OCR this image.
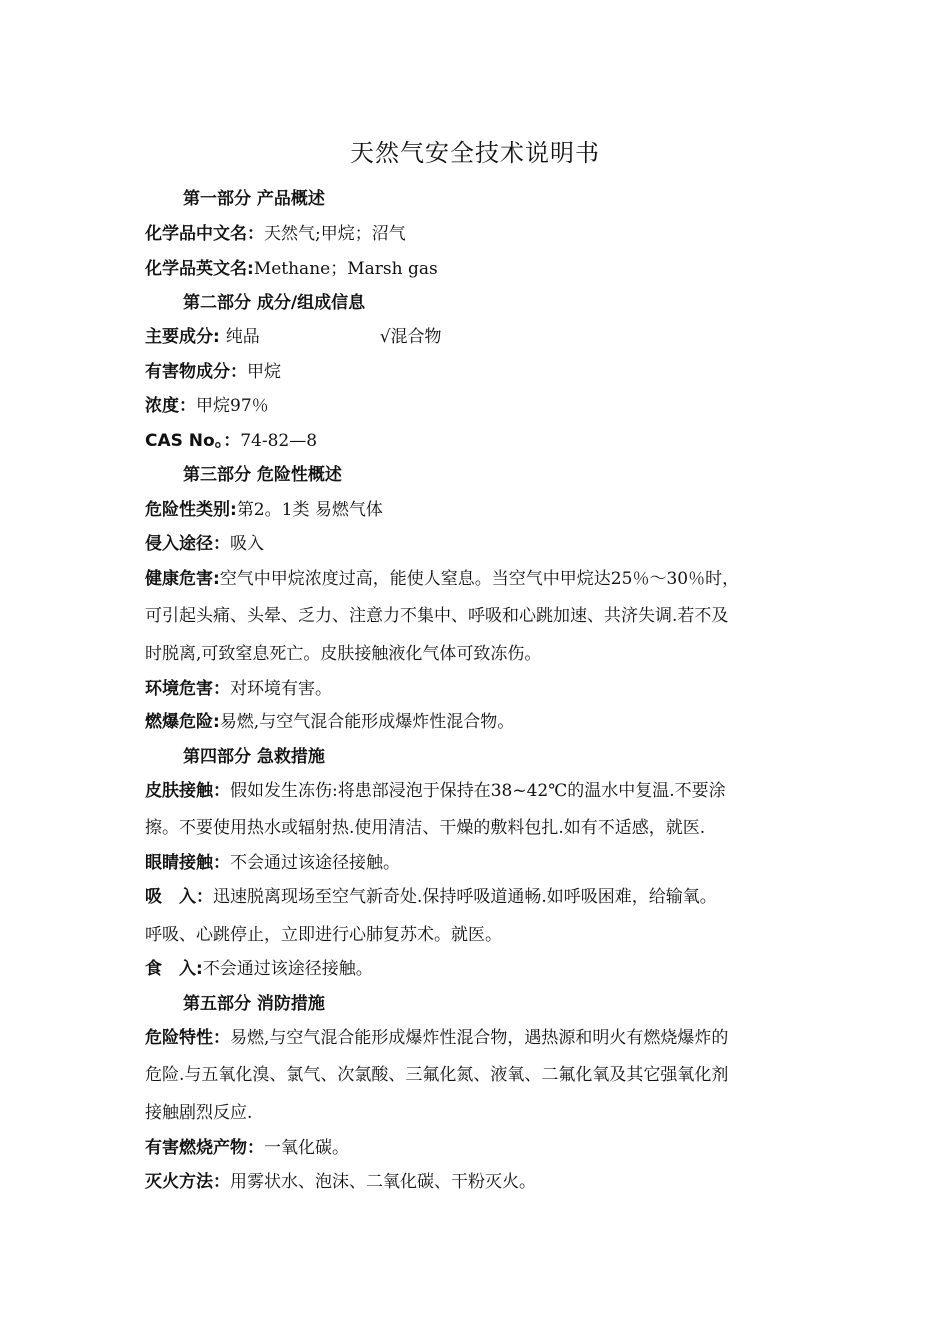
天然气安全技术说明书
第一部分 产品概述
化学品中文名：天然气;甲烷；沼气
化学品英文名:Methane；Marsh gas
第二部分 成分/组成信息
主要成分: 纯品	√混合物
有害物成分：甲烷
浓度：甲烷97％
CAS No。：74-82—8
第三部分 危险性概述
危险性类别:第2。1类 易燃气体
侵入途径：吸入
健康危害:空气中甲烷浓度过高，能使人窒息。当空气中甲烷达25％～30％时，
可引起头痛、头晕、乏力、注意力不集中、呼吸和心跳加速、共济失调.若不及
时脱离,可致窒息死亡。皮肤接触液化气体可致冻伤。
环境危害：对环境有害。
燃爆危险:易燃,与空气混合能形成爆炸性混合物。
第四部分 急救措施
皮肤接触：假如发生冻伤:将患部浸泡于保持在38~42℃的温水中复温.不要涂
擦。不要使用热水或辐射热.使用清洁、干燥的敷料包扎.如有不适感，就医.
眼睛接触：不会通过该途径接触。
吸　入：迅速脱离现场至空气新奇处.保持呼吸道通畅.如呼吸困难，给输氧。
呼吸、心跳停止，立即进行心肺复苏术。就医。
食　入:不会通过该途径接触。
第五部分 消防措施
危险特性：易燃,与空气混合能形成爆炸性混合物，遇热源和明火有燃烧爆炸的
危险.与五氧化溴、氯气、次氯酸、三氟化氮、液氧、二氟化氧及其它强氧化剂
接触剧烈反应.
有害燃烧产物：一氧化碳。
灭火方法：用雾状水、泡沫、二氧化碳、干粉灭火。
